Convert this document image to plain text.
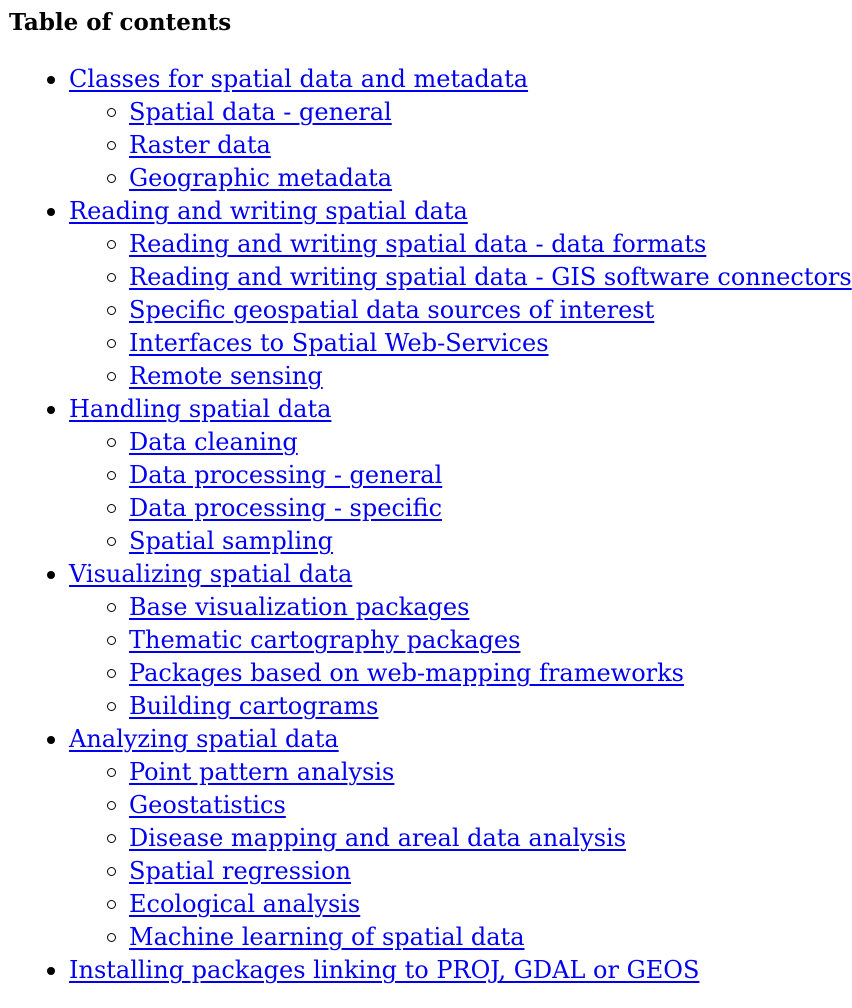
Table of contents
Classes for spatial data and metadata
Spatial data - general
Raster data
Geographic metadata
Reading and writing spatial data
Reading and writing spatial data - data formats
Reading and writing spatial data - GIS software connectors
Specific geospatial data sources of interest
Interfaces to Spatial Web-Services
Remote sensing
Handling spatial data
Data cleaning
Data processing - general
Data processing - specific
Spatial sampling
Visualizing spatial data
Base visualization packages
Thematic cartography packages
Packages based on web-mapping frameworks
Building cartograms
Analyzing spatial data
Point pattern analysis
Geostatistics
Disease mapping and areal data analysis
Spatial regression
Ecological analysis
Machine learning of spatial data
Installing packages linking to PROJ, GDAL or GEOS
